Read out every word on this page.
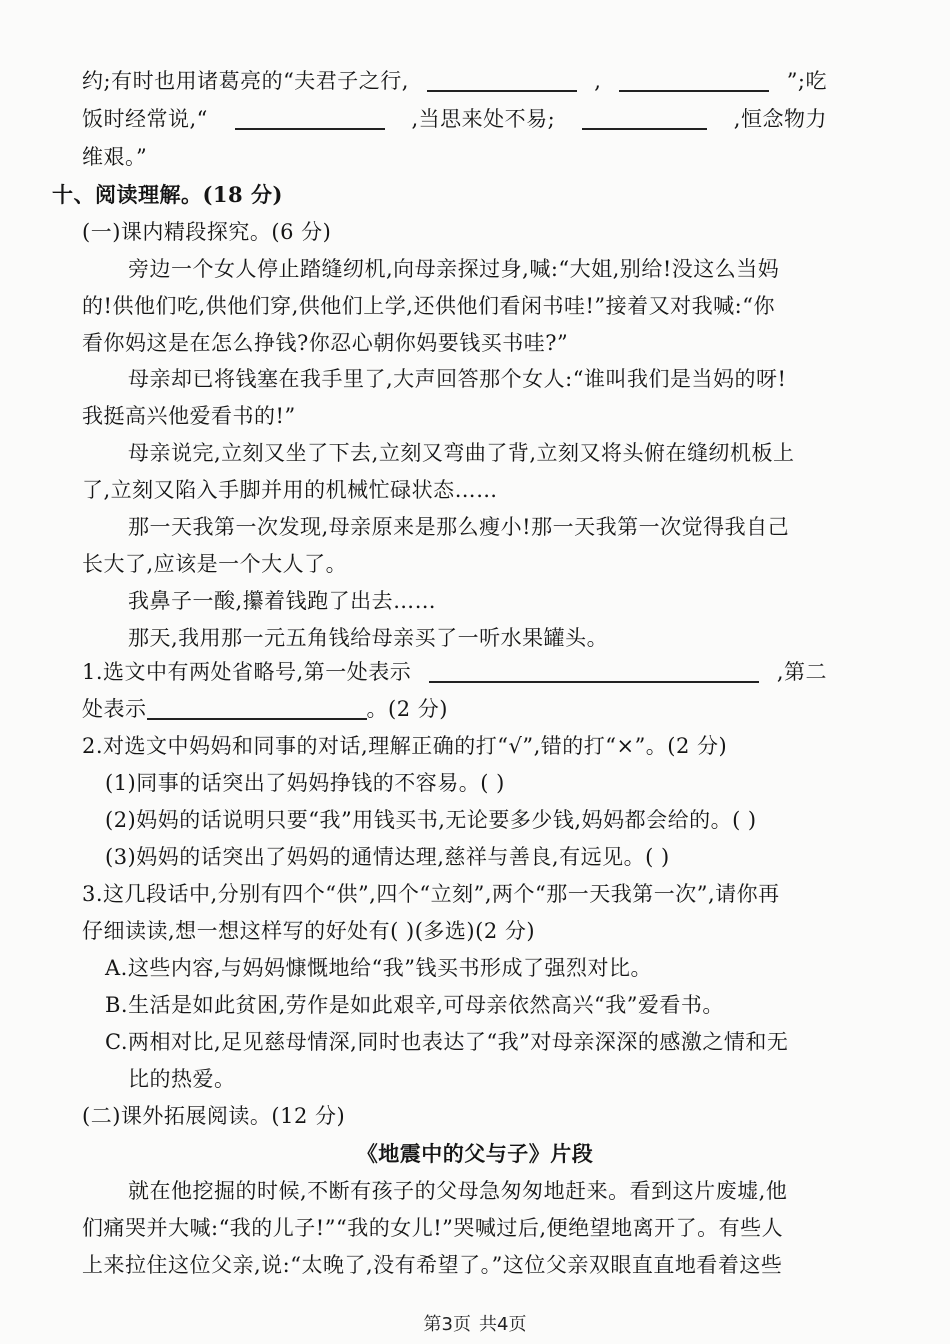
约;有时也用诸葛亮的“夫君子之行,	,	”;吃
饭时经常说,“	,当思来处不易;	,恒念物力
维艰。”
十、阅读理解。(18 分)
(一)课内精段探究。(6 分)
旁边一个女人停止踏缝纫机,向母亲探过身,喊:“大姐,别给!没这么当妈
的!供他们吃,供他们穿,供他们上学,还供他们看闲书哇!”接着又对我喊:“你
看你妈这是在怎么挣钱?你忍心朝你妈要钱买书哇?”
母亲却已将钱塞在我手里了,大声回答那个女人:“谁叫我们是当妈的呀!
我挺高兴他爱看书的!”
母亲说完,立刻又坐了下去,立刻又弯曲了背,立刻又将头俯在缝纫机板上
了,立刻又陷入手脚并用的机械忙碌状态……
那一天我第一次发现,母亲原来是那么瘦小!那一天我第一次觉得我自己
长大了,应该是一个大人了。
我鼻子一酸,攥着钱跑了出去……
那天,我用那一元五角钱给母亲买了一听水果罐头。
1.选文中有两处省略号,第一处表示	,第二
处表示	。(2 分)
2.对选文中妈妈和同事的对话,理解正确的打“√”,错的打“×”。(2 分)
(1)同事的话突出了妈妈挣钱的不容易。( )
(2)妈妈的话说明只要“我”用钱买书,无论要多少钱,妈妈都会给的。( )
(3)妈妈的话突出了妈妈的通情达理,慈祥与善良,有远见。( )
3.这几段话中,分别有四个“供”,四个“立刻”,两个“那一天我第一次”,请你再
仔细读读,想一想这样写的好处有( )(多选)(2 分)
A.这些内容,与妈妈慷慨地给“我”钱买书形成了强烈对比。
B.生活是如此贫困,劳作是如此艰辛,可母亲依然高兴“我”爱看书。
C.两相对比,足见慈母情深,同时也表达了“我”对母亲深深的感激之情和无
比的热爱。
(二)课外拓展阅读。(12 分)
《地震中的父与子》片段
就在他挖掘的时候,不断有孩子的父母急匆匆地赶来。看到这片废墟,他
们痛哭并大喊:“我的儿子!”“我的女儿!”哭喊过后,便绝望地离开了。有些人
上来拉住这位父亲,说:“太晚了,没有希望了。”这位父亲双眼直直地看着这些
第3页 共4页
